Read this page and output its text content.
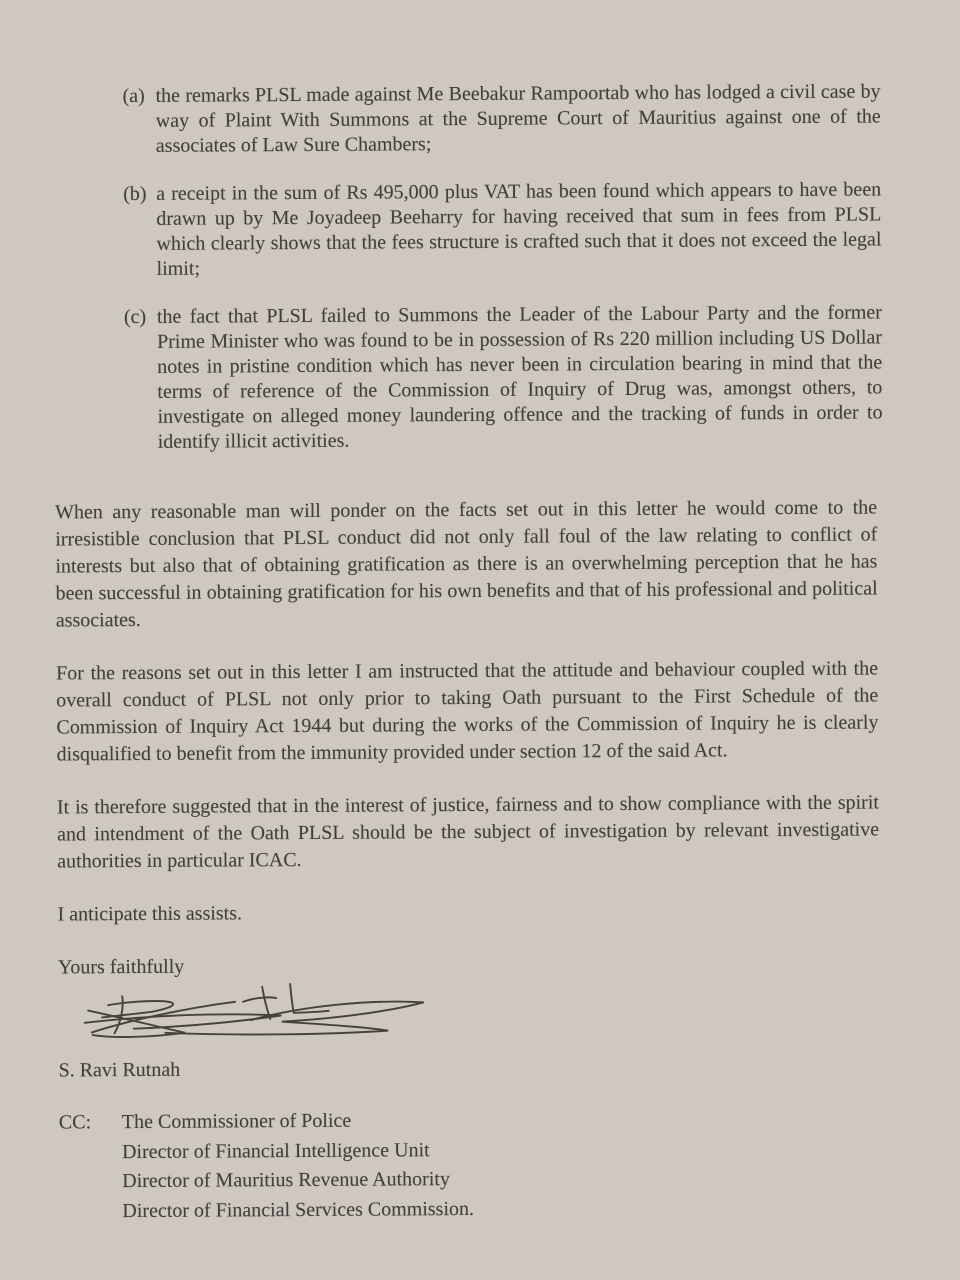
(a) the remarks PLSL made against Me Beebakur Rampoortab who has lodged a civil case by way of Plaint With Summons at the Supreme Court of Mauritius against one of the associates of Law Sure Chambers;
(b) a receipt in the sum of Rs 495,000 plus VAT has been found which appears to have been drawn up by Me Joyadeep Beeharry for having received that sum in fees from PLSL which clearly shows that the fees structure is crafted such that it does not exceed the legal limit;
(c) the fact that PLSL failed to Summons the Leader of the Labour Party and the former Prime Minister who was found to be in possession of Rs 220 million including US Dollar notes in pristine condition which has never been in circulation bearing in mind that the terms of reference of the Commission of Inquiry of Drug was, amongst others, to investigate on alleged money laundering offence and the tracking of funds in order to identify illicit activities.

When any reasonable man will ponder on the facts set out in this letter he would come to the irresistible conclusion that PLSL conduct did not only fall foul of the law relating to conflict of interests but also that of obtaining gratification as there is an overwhelming perception that he has been successful in obtaining gratification for his own benefits and that of his professional and political associates.

For the reasons set out in this letter I am instructed that the attitude and behaviour coupled with the overall conduct of PLSL not only prior to taking Oath pursuant to the First Schedule of the Commission of Inquiry Act 1944 but during the works of the Commission of Inquiry he is clearly disqualified to benefit from the immunity provided under section 12 of the said Act.

It is therefore suggested that in the interest of justice, fairness and to show compliance with the spirit and intendment of the Oath PLSL should be the subject of investigation by relevant investigative authorities in particular ICAC.

I anticipate this assists.

Yours faithfully
S. Ravi Rutnah
CC:	The Commissioner of Police
Director of Financial Intelligence Unit
Director of Mauritius Revenue Authority
Director of Financial Services Commission.
